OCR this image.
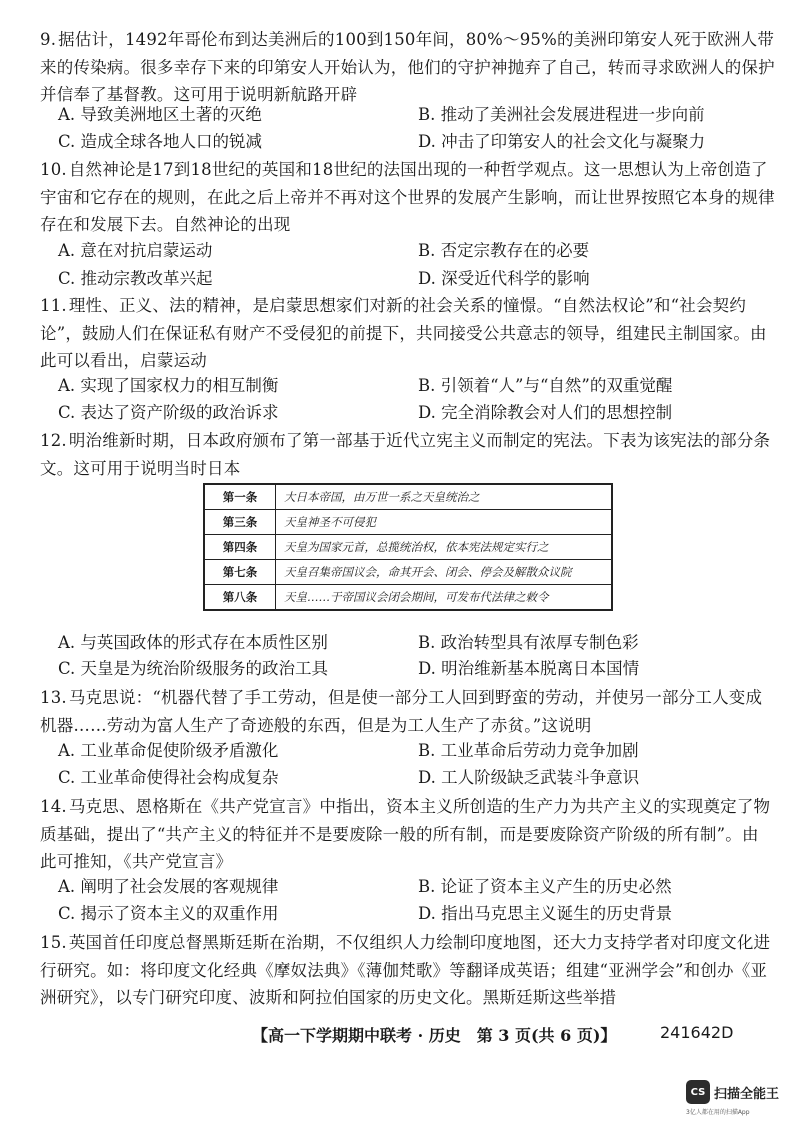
9. 据估计，1492年哥伦布到达美洲后的100到150年间，80%～95%的美洲印第安人死于欧洲人带来的传染病。很多幸存下来的印第安人开始认为，他们的守护神抛弃了自己，转而寻求欧洲人的保护并信奉了基督教。这可用于说明新航路开辟
A. 导致美洲地区土著的灭绝	B. 推动了美洲社会发展进程进一步向前
C. 造成全球各地人口的锐减	D. 冲击了印第安人的社会文化与凝聚力
10. 自然神论是17到18世纪的英国和18世纪的法国出现的一种哲学观点。这一思想认为上帝创造了宇宙和它存在的规则，在此之后上帝并不再对这个世界的发展产生影响，而让世界按照它本身的规律存在和发展下去。自然神论的出现
A. 意在对抗启蒙运动	B. 否定宗教存在的必要
C. 推动宗教改革兴起	D. 深受近代科学的影响
11. 理性、正义、法的精神，是启蒙思想家们对新的社会关系的憧憬。“自然法权论”和“社会契约论”，鼓励人们在保证私有财产不受侵犯的前提下，共同接受公共意志的领导，组建民主制国家。由此可以看出，启蒙运动
A. 实现了国家权力的相互制衡	B. 引领着“人”与“自然”的双重觉醒
C. 表达了资产阶级的政治诉求	D. 完全消除教会对人们的思想控制
12. 明治维新时期，日本政府颁布了第一部基于近代立宪主义而制定的宪法。下表为该宪法的部分条文。这可用于说明当时日本
第一条	大日本帝国，由万世一系之天皇统治之
第三条	天皇神圣不可侵犯
第四条	天皇为国家元首，总揽统治权，依本宪法规定实行之
第七条	天皇召集帝国议会，命其开会、闭会、停会及解散众议院
第八条	天皇……于帝国议会闭会期间，可发布代法律之敕令
A. 与英国政体的形式存在本质性区别	B. 政治转型具有浓厚专制色彩
C. 天皇是为统治阶级服务的政治工具	D. 明治维新基本脱离日本国情
13. 马克思说：“机器代替了手工劳动，但是使一部分工人回到野蛮的劳动，并使另一部分工人变成机器……劳动为富人生产了奇迹般的东西，但是为工人生产了赤贫。”这说明
A. 工业革命促使阶级矛盾激化	B. 工业革命后劳动力竞争加剧
C. 工业革命使得社会构成复杂	D. 工人阶级缺乏武装斗争意识
14. 马克思、恩格斯在《共产党宣言》中指出，资本主义所创造的生产力为共产主义的实现奠定了物质基础，提出了“共产主义的特征并不是要废除一般的所有制，而是要废除资产阶级的所有制”。由此可推知，《共产党宣言》
A. 阐明了社会发展的客观规律	B. 论证了资本主义产生的历史必然
C. 揭示了资本主义的双重作用	D. 指出马克思主义诞生的历史背景
15. 英国首任印度总督黑斯廷斯在治期，不仅组织人力绘制印度地图，还大力支持学者对印度文化进行研究。如：将印度文化经典《摩奴法典》《薄伽梵歌》等翻译成英语；组建“亚洲学会”和创办《亚洲研究》，以专门研究印度、波斯和阿拉伯国家的历史文化。黑斯廷斯这些举措
【高一下学期期中联考 · 历史　第 3 页(共 6 页)】	241642D
CS 扫描全能王
3亿人都在用的扫描App
